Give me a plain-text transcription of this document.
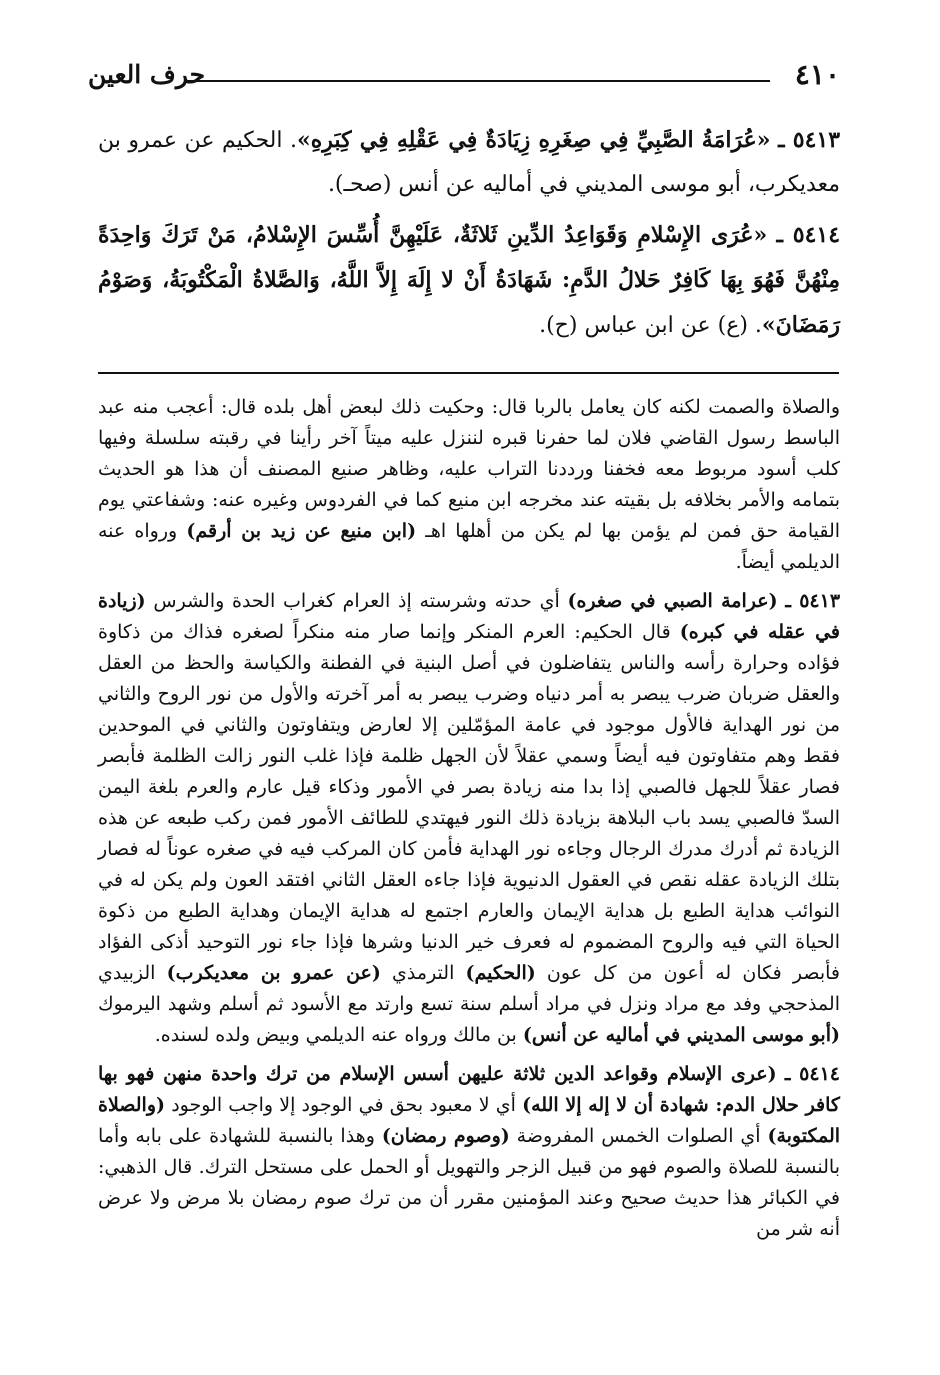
٤١٠
حرف العين

٥٤١٣ ـ «عُرَامَةُ الصَّبِيِّ فِي صِغَرِهِ زِيَادَةٌ فِي عَقْلِهِ فِي كِبَرِهِ». الحكيم عن عمرو بن معديكرب، أبو موسى المديني في أماليه عن أنس (صحـ).

٥٤١٤ ـ «عُرَى الإِسْلامِ وَقَوَاعِدُ الدِّينِ ثَلاثَةٌ، عَلَيْهِنَّ أُسِّسَ الإِسْلامُ، مَنْ تَرَكَ وَاحِدَةً مِنْهُنَّ فَهُوَ بِهَا كَافِرٌ حَلالُ الدَّمِ: شَهَادَةُ أَنْ لا إِلَهَ إِلاَّ اللَّهُ، وَالصَّلاةُ الْمَكْتُوبَةُ، وَصَوْمُ رَمَضَانَ». (ع) عن ابن عباس (ح).

والصلاة والصمت لكنه كان يعامل بالربا قال: وحكيت ذلك لبعض أهل بلده قال: أعجب منه عبد الباسط رسول القاضي فلان لما حفرنا قبره لننزل عليه ميتاً آخر رأينا في رقبته سلسلة وفيها كلب أسود مربوط معه فخفنا ورددنا التراب عليه، وظاهر صنيع المصنف أن هذا هو الحديث بتمامه والأمر بخلافه بل بقيته عند مخرجه ابن منيع كما في الفردوس وغيره عنه: وشفاعتي يوم القيامة حق فمن لم يؤمن بها لم يكن من أهلها اهـ (ابن منيع عن زيد بن أرقم) ورواه عنه الديلمي أيضاً.

٥٤١٣ ـ (عرامة الصبي في صغره) أي حدته وشرسته إذ العرام كغراب الحدة والشرس (زيادة في عقله في كبره) قال الحكيم: العرم المنكر وإنما صار منه منكراً لصغره فذاك من ذكاوة فؤاده وحرارة رأسه والناس يتفاضلون في أصل البنية في الفطنة والكياسة والحظ من العقل والعقل ضربان ضرب يبصر به أمر دنياه وضرب يبصر به أمر آخرته والأول من نور الروح والثاني من نور الهداية فالأول موجود في عامة المؤمّلين إلا لعارض ويتفاوتون والثاني في الموحدين فقط وهم متفاوتون فيه أيضاً وسمي عقلاً لأن الجهل ظلمة فإذا غلب النور زالت الظلمة فأبصر فصار عقلاً للجهل فالصبي إذا بدا منه زيادة بصر في الأمور وذكاء قيل عارم والعرم بلغة اليمن السدّ فالصبي يسد باب البلاهة بزيادة ذلك النور فيهتدي للطائف الأمور فمن ركب طبعه عن هذه الزيادة ثم أدرك مدرك الرجال وجاءه نور الهداية فأمن كان المركب فيه في صغره عوناً له فصار بتلك الزيادة عقله نقص في العقول الدنيوية فإذا جاءه العقل الثاني افتقد العون ولم يكن له في النوائب هداية الطبع بل هداية الإيمان والعارم اجتمع له هداية الإيمان وهداية الطبع من ذكوة الحياة التي فيه والروح المضموم له فعرف خير الدنيا وشرها فإذا جاء نور التوحيد أذكى الفؤاد فأبصر فكان له أعون من كل عون (الحكيم) الترمذي (عن عمرو بن معديكرب) الزبيدي المذحجي وفد مع مراد ونزل في مراد أسلم سنة تسع وارتد مع الأسود ثم أسلم وشهد اليرموك (أبو موسى المديني في أماليه عن أنس) بن مالك ورواه عنه الديلمي وبيض ولده لسنده.

٥٤١٤ ـ (عرى الإسلام وقواعد الدين ثلاثة عليهن أسس الإسلام من ترك واحدة منهن فهو بها كافر حلال الدم: شهادة أن لا إله إلا الله) أي لا معبود بحق في الوجود إلا واجب الوجود (والصلاة المكتوبة) أي الصلوات الخمس المفروضة (وصوم رمضان) وهذا بالنسبة للشهادة على بابه وأما بالنسبة للصلاة والصوم فهو من قبيل الزجر والتهويل أو الحمل على مستحل الترك. قال الذهبي: في الكبائر هذا حديث صحيح وعند المؤمنين مقرر أن من ترك صوم رمضان بلا مرض ولا عرض أنه شر من
